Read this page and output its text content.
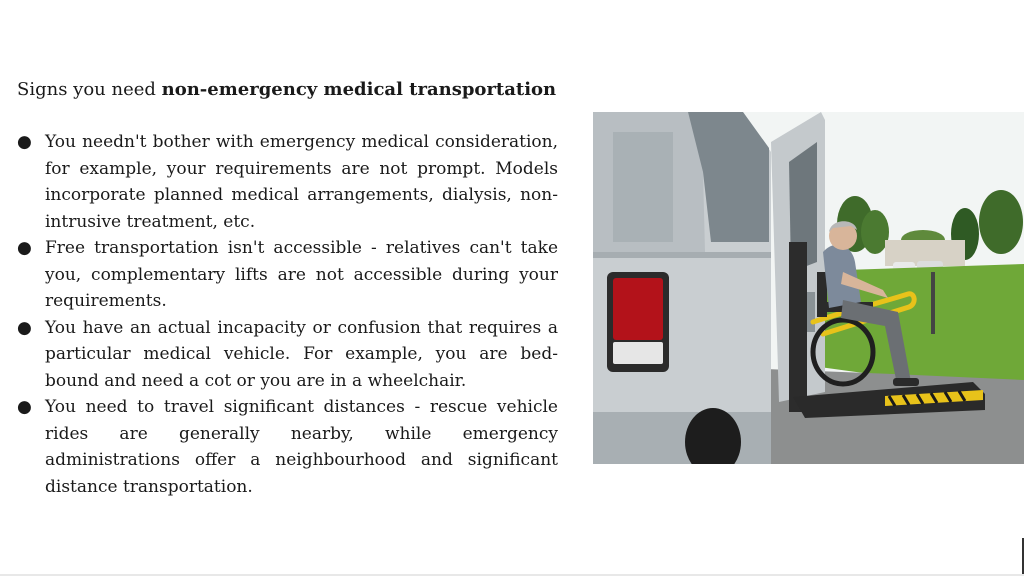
Signs you need non-emergency medical transportation
● You needn't bother with emergency medical consideration, for example, your requirements are not prompt. Models incorporate planned medical arrangements, dialysis, non-intrusive treatment, etc.
● Free transportation isn't accessible - relatives can't take you, complementary lifts are not accessible during your requirements.
● You have an actual incapacity or confusion that requires a particular medical vehicle. For example, you are bed-bound and need a cot or you are in a wheelchair.
● You need to travel significant distances - rescue vehicle rides are generally nearby, while emergency administrations offer a neighbourhood and significant distance transportation.
